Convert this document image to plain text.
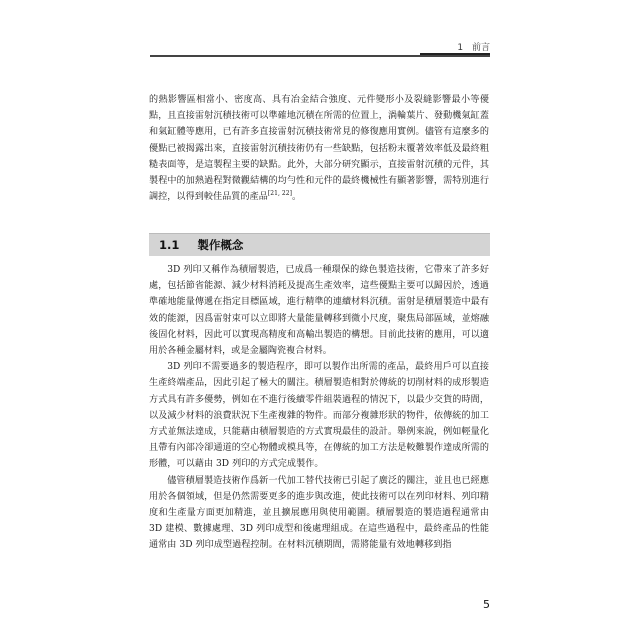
1 前言

的熱影響區相當小、密度高、具有冶金結合強度、元件變形小及裂縫影響最小等優點，且直接雷射沉積技術可以準確地沉積在所需的位置上，渦輪葉片、發動機氣缸蓋和氣缸體等應用，已有許多直接雷射沉積技術常見的修復應用實例。儘管有這麼多的優點已被揭露出來，直接雷射沉積技術仍有一些缺點，包括粉末覆著效率低及最終粗糙表面等，是這製程主要的缺點。此外，大部分研究顯示，直接雷射沉積的元件，其製程中的加熱過程對微觀結構的均勻性和元件的最終機械性有顯著影響，需特別進行調控，以得到較佳品質的產品[21, 22]。

1.1 製作概念

3D 列印又稱作為積層製造，已成爲一種環保的綠色製造技術，它帶來了許多好處，包括節省能源、減少材料消耗及提高生產效率，這些優點主要可以歸因於，透過準確地能量傳遞在指定目標區域，進行精準的連續材料沉積。雷射是積層製造中最有效的能源，因爲雷射束可以立即將大量能量轉移到微小尺度，聚焦局部區域，並熔融後固化材料，因此可以實現高精度和高輸出製造的構想。目前此技術的應用，可以適用於各種金屬材料，或是金屬陶瓷複合材料。

3D 列印不需要過多的製造程序，即可以製作出所需的產品，最終用戶可以直接生產終端產品，因此引起了極大的關注。積層製造相對於傳統的切削材料的成形製造方式具有許多優勢，例如在不進行後續零件組裝過程的情況下，以最少交貨的時間，以及減少材料的浪費狀況下生產複雜的物件。而部分複雜形狀的物件，依傳統的加工方式並無法達成，只能藉由積層製造的方式實現最佳的設計。舉例來說，例如輕量化且帶有內部冷卻通道的空心物體或模具等，在傳統的加工方法是較難製作達成所需的形體，可以藉由 3D 列印的方式完成製作。

儘管積層製造技術作爲新一代加工替代技術已引起了廣泛的關注，並且也已經應用於各個領域，但是仍然需要更多的進步與改進，使此技術可以在列印材料、列印精度和生產量方面更加精進，並且擴展應用與使用範圍。積層製造的製造過程通常由 3D 建模、數據處理、3D 列印成型和後處理組成。在這些過程中，最終產品的性能通常由 3D 列印成型過程控制。在材料沉積期間，需將能量有效地轉移到指

5
